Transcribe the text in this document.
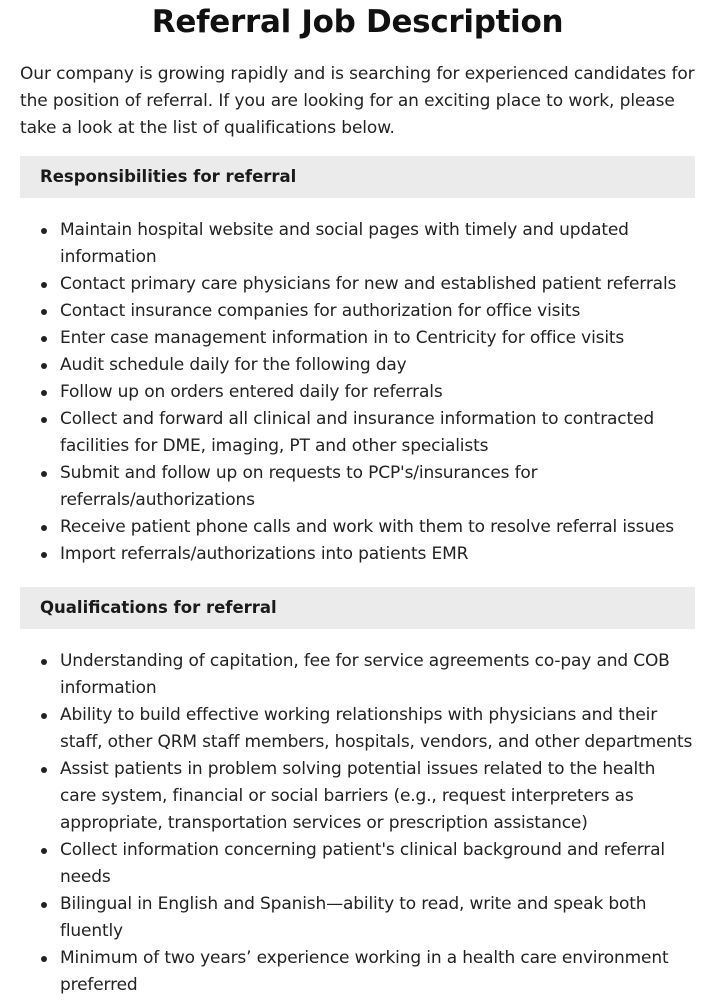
Referral Job Description

Our company is growing rapidly and is searching for experienced candidates for the position of referral. If you are looking for an exciting place to work, please take a look at the list of qualifications below.

Responsibilities for referral
Maintain hospital website and social pages with timely and updated information
Contact primary care physicians for new and established patient referrals
Contact insurance companies for authorization for office visits
Enter case management information in to Centricity for office visits
Audit schedule daily for the following day
Follow up on orders entered daily for referrals
Collect and forward all clinical and insurance information to contracted facilities for DME, imaging, PT and other specialists
Submit and follow up on requests to PCP's/insurances for referrals/authorizations
Receive patient phone calls and work with them to resolve referral issues
Import referrals/authorizations into patients EMR
Qualifications for referral
Understanding of capitation, fee for service agreements co-pay and COB information
Ability to build effective working relationships with physicians and their staff, other QRM staff members, hospitals, vendors, and other departments
Assist patients in problem solving potential issues related to the health care system, financial or social barriers (e.g., request interpreters as appropriate, transportation services or prescription assistance)
Collect information concerning patient's clinical background and referral needs
Bilingual in English and Spanish—ability to read, write and speak both fluently
Minimum of two years’ experience working in a health care environment preferred
